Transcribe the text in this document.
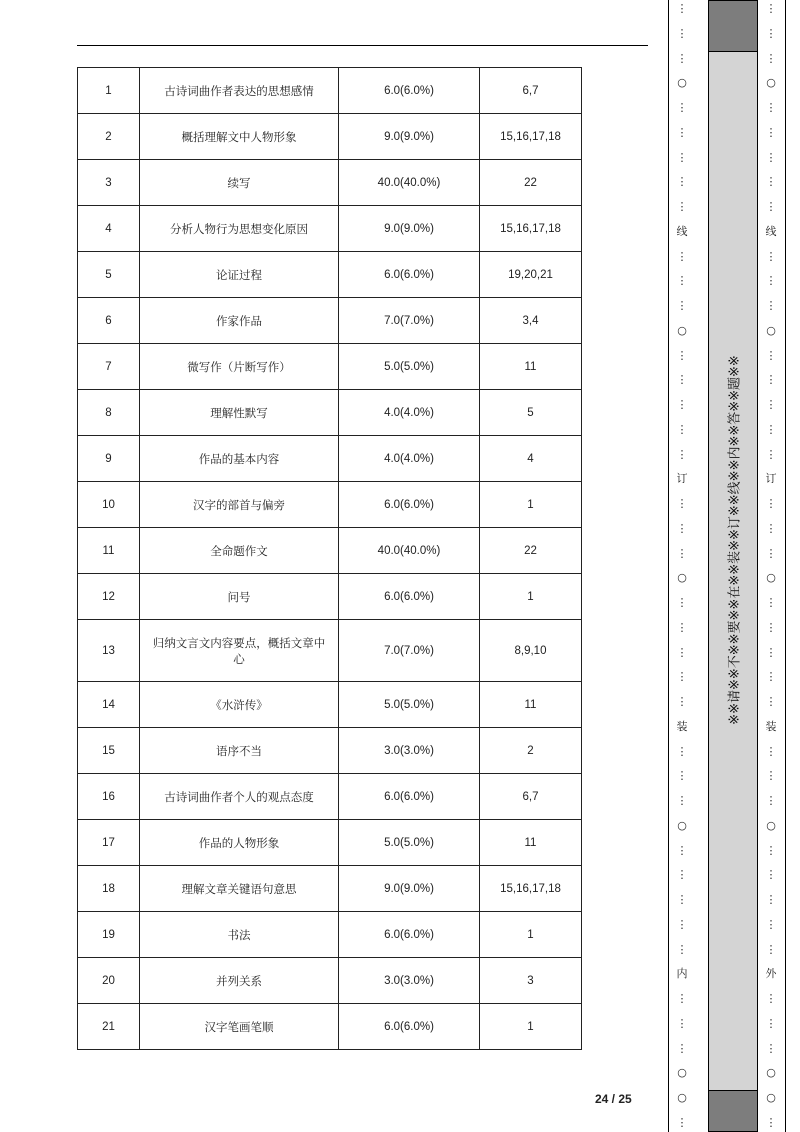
1	古诗词曲作者表达的思想感情	6.0(6.0%)	6,7
2	概括理解文中人物形象	9.0(9.0%)	15,16,17,18
3	续写	40.0(40.0%)	22
4	分析人物行为思想变化原因	9.0(9.0%)	15,16,17,18
5	论证过程	6.0(6.0%)	19,20,21
6	作家作品	7.0(7.0%)	3,4
7	微写作（片断写作）	5.0(5.0%)	11
8	理解性默写	4.0(4.0%)	5
9	作品的基本内容	4.0(4.0%)	4
10	汉字的部首与偏旁	6.0(6.0%)	1
11	全命题作文	40.0(40.0%)	22
12	问号	6.0(6.0%)	1
13	归纳文言文内容要点，概括文章中心	7.0(7.0%)	8,9,10
14	《水浒传》	5.0(5.0%)	11
15	语序不当	3.0(3.0%)	2
16	古诗词曲作者个人的观点态度	6.0(6.0%)	6,7
17	作品的人物形象	5.0(5.0%)	11
18	理解文章关键语句意思	9.0(9.0%)	15,16,17,18
19	书法	6.0(6.0%)	1
20	并列关系	3.0(3.0%)	3
21	汉字笔画笔顺	6.0(6.0%)	1
24 / 25
⋮
⋮
⋮
○
⋮
⋮
⋮
⋮
⋮
线
⋮
⋮
⋮
○
⋮
⋮
⋮
⋮
⋮
订
⋮
⋮
⋮
○
⋮
⋮
⋮
⋮
⋮
装
⋮
⋮
⋮
○
⋮
⋮
⋮
⋮
⋮
内
⋮
⋮
⋮
○
○
⋮
※※请※※不※※要※※在※※装※※订※※线※※内※※答※※题※※
⋮
⋮
⋮
○
⋮
⋮
⋮
⋮
⋮
线
⋮
⋮
⋮
○
⋮
⋮
⋮
⋮
⋮
订
⋮
⋮
⋮
○
⋮
⋮
⋮
⋮
⋮
装
⋮
⋮
⋮
○
⋮
⋮
⋮
⋮
⋮
外
⋮
⋮
⋮
○
○
⋮
